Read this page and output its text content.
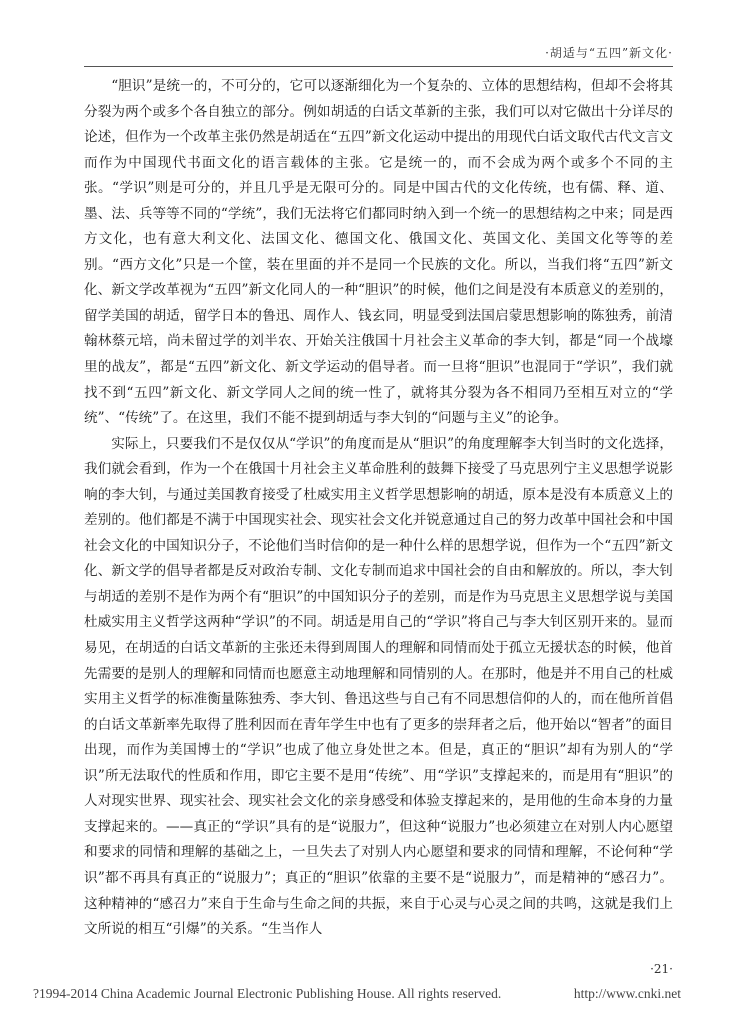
·胡适与“五四”新文化·

“胆识”是统一的，不可分的，它可以逐渐细化为一个复杂的、立体的思想结构，但却不会将其分裂为两个或多个各自独立的部分。例如胡适的白话文革新的主张，我们可以对它做出十分详尽的论述，但作为一个改革主张仍然是胡适在“五四”新文化运动中提出的用现代白话文取代古代文言文而作为中国现代书面文化的语言载体的主张。它是统一的，而不会成为两个或多个不同的主张。“学识”则是可分的，并且几乎是无限可分的。同是中国古代的文化传统，也有儒、释、道、墨、法、兵等等不同的“学统”，我们无法将它们都同时纳入到一个统一的思想结构之中来；同是西方文化，也有意大利文化、法国文化、德国文化、俄国文化、英国文化、美国文化等等的差别。“西方文化”只是一个筐，装在里面的并不是同一个民族的文化。所以，当我们将“五四”新文化、新文学改革视为“五四”新文化同人的一种“胆识”的时候，他们之间是没有本质意义的差别的，留学美国的胡适，留学日本的鲁迅、周作人、钱玄同，明显受到法国启蒙思想影响的陈独秀，前清翰林蔡元培，尚未留过学的刘半农、开始关注俄国十月社会主义革命的李大钊，都是“同一个战壕里的战友”，都是“五四”新文化、新文学运动的倡导者。而一旦将“胆识”也混同于“学识”，我们就找不到“五四”新文化、新文学同人之间的统一性了，就将其分裂为各不相同乃至相互对立的“学统”、“传统”了。在这里，我们不能不提到胡适与李大钊的“问题与主义”的论争。

实际上，只要我们不是仅仅从“学识”的角度而是从“胆识”的角度理解李大钊当时的文化选择，我们就会看到，作为一个在俄国十月社会主义革命胜利的鼓舞下接受了马克思列宁主义思想学说影响的李大钊，与通过美国教育接受了杜威实用主义哲学思想影响的胡适，原本是没有本质意义上的差别的。他们都是不满于中国现实社会、现实社会文化并锐意通过自己的努力改革中国社会和中国社会文化的中国知识分子，不论他们当时信仰的是一种什么样的思想学说，但作为一个“五四”新文化、新文学的倡导者都是反对政治专制、文化专制而追求中国社会的自由和解放的。所以，李大钊与胡适的差别不是作为两个有“胆识”的中国知识分子的差别，而是作为马克思主义思想学说与美国杜威实用主义哲学这两种“学识”的不同。胡适是用自己的“学识”将自己与李大钊区别开来的。显而易见，在胡适的白话文革新的主张还未得到周围人的理解和同情而处于孤立无援状态的时候，他首先需要的是别人的理解和同情而也愿意主动地理解和同情别的人。在那时，他是并不用自己的杜威实用主义哲学的标准衡量陈独秀、李大钊、鲁迅这些与自己有不同思想信仰的人的，而在他所首倡的白话文革新率先取得了胜利因而在青年学生中也有了更多的崇拜者之后，他开始以“智者”的面目出现，而作为美国博士的“学识”也成了他立身处世之本。但是，真正的“胆识”却有为别人的“学识”所无法取代的性质和作用，即它主要不是用“传统”、用“学识”支撑起来的，而是用有“胆识”的人对现实世界、现实社会、现实社会文化的亲身感受和体验支撑起来的，是用他的生命本身的力量支撑起来的。——真正的“学识”具有的是“说服力”，但这种“说服力”也必须建立在对别人内心愿望和要求的同情和理解的基础之上，一旦失去了对别人内心愿望和要求的同情和理解，不论何种“学识”都不再具有真正的“说服力”；真正的“胆识”依靠的主要不是“说服力”，而是精神的“感召力”。这种精神的“感召力”来自于生命与生命之间的共振，来自于心灵与心灵之间的共鸣，这就是我们上文所说的相互“引爆”的关系。“生当作人

·21·
?1994-2014 China Academic Journal Electronic Publishing House. All rights reserved.	http://www.cnki.net
